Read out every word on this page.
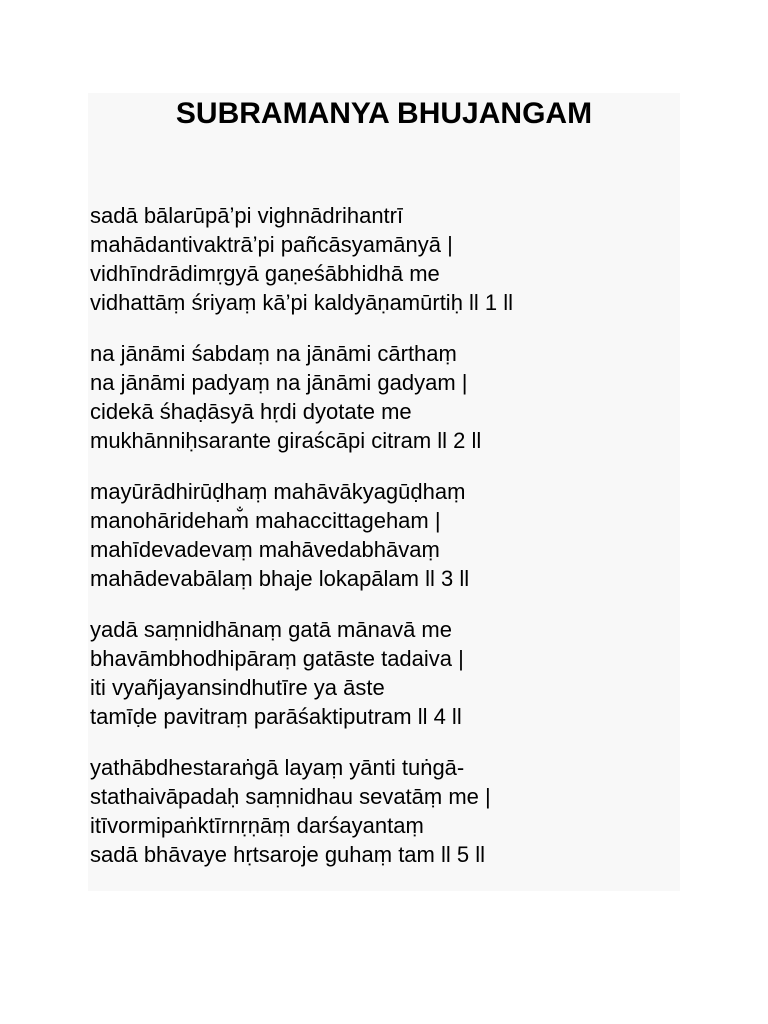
SUBRAMANYA BHUJANGAM
sadā bālarūpā’pi vighnādrihantrī
mahādantivaktrā’pi pañcāsyamānyā |
vidhīndrādimṛgyā gaṇeśābhidhā me
vidhattāṃ śriyaṃ kā’pi kaldyāṇamūrtiḥ ll 1 ll
na jānāmi śabdaṃ na jānāmi cārthaṃ
na jānāmi padyaṃ na jānāmi gadyam |
cidekā śhaḍāsyā hṛdi dyotate me
mukhānniḥsarante giraścāpi citram ll 2 ll
mayūrādhirūḍhaṃ mahāvākyagūḍhaṃ
manohārideham̐ mahaccittageham |
mahīdevadevaṃ mahāvedabhāvaṃ
mahādevabālaṃ bhaje lokapālam ll 3 ll
yadā saṃnidhānaṃ gatā mānavā me
bhavāmbhodhipāraṃ gatāste tadaiva |
iti vyañjayansindhutīre ya āste
tamīḍe pavitraṃ parāśaktiputram ll 4 ll
yathābdhestaraṅgā layaṃ yānti tuṅgā-
stathaivāpadaḥ saṃnidhau sevatāṃ me |
itīvormipaṅktīrnṛṇāṃ darśayantaṃ
sadā bhāvaye hṛtsaroje guhaṃ tam ll 5 ll
